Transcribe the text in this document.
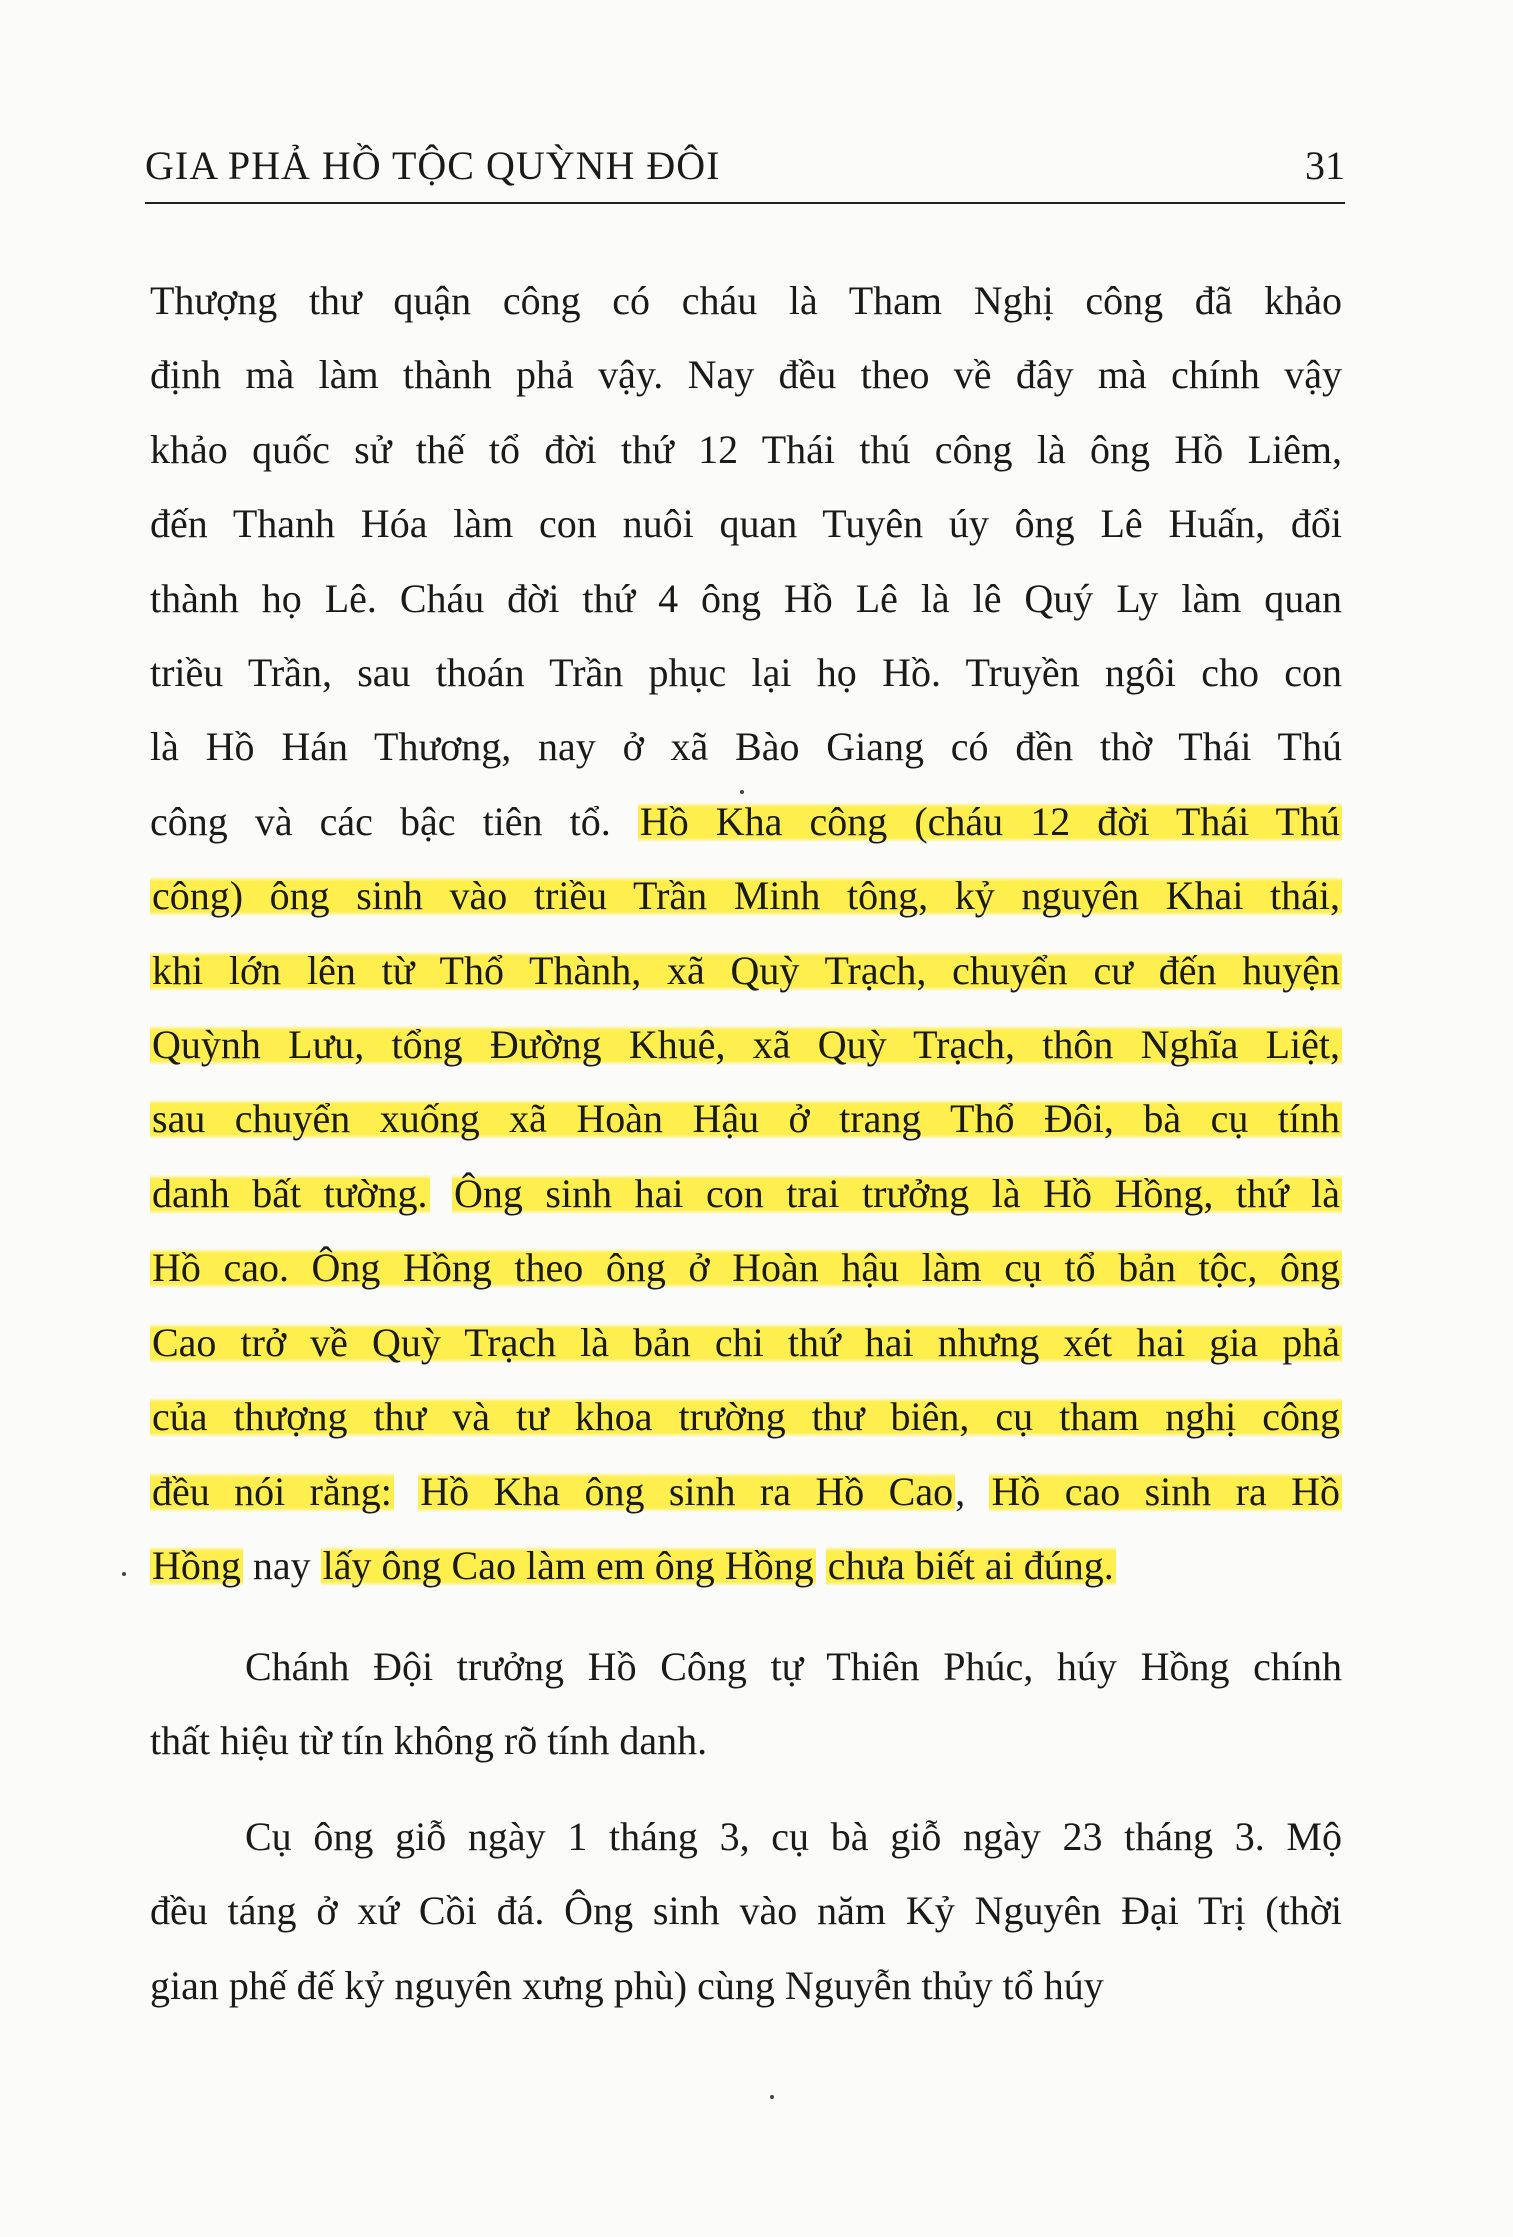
GIA PHẢ HỒ TỘC QUỲNH ĐÔI	31
Thượng thư quận công có cháu là Tham Nghị công đã khảo
định mà làm thành phả vậy. Nay đều theo về đây mà chính vậy
khảo quốc sử thế tổ đời thứ 12 Thái thú công là ông Hồ Liêm,
đến Thanh Hóa làm con nuôi quan Tuyên úy ông Lê Huấn, đổi
thành họ Lê. Cháu đời thứ 4 ông Hồ Lê là lê Quý Ly làm quan
triều Trần, sau thoán Trần phục lại họ Hồ. Truyền ngôi cho con
là Hồ Hán Thương, nay ở xã Bào Giang có đền thờ Thái Thú
công và các bậc tiên tổ. Hồ Kha công (cháu 12 đời Thái Thú
công) ông sinh vào triều Trần Minh tông, kỷ nguyên Khai thái,
khi lớn lên từ Thổ Thành, xã Quỳ Trạch, chuyển cư đến huyện
Quỳnh Lưu, tổng Đường Khuê, xã Quỳ Trạch, thôn Nghĩa Liệt,
sau chuyển xuống xã Hoàn Hậu ở trang Thổ Đôi, bà cụ tính
danh bất tường. Ông sinh hai con trai trưởng là Hồ Hồng, thứ là
Hồ cao. Ông Hồng theo ông ở Hoàn hậu làm cụ tổ bản tộc, ông
Cao trở về Quỳ Trạch là bản chi thứ hai nhưng xét hai gia phả
của thượng thư và tư khoa trường thư biên, cụ tham nghị công
đều nói rằng: Hồ Kha ông sinh ra Hồ Cao, Hồ cao sinh ra Hồ
Hồng nay lấy ông Cao làm em ông Hồng chưa biết ai đúng.
Chánh Đội trưởng Hồ Công tự Thiên Phúc, húy Hồng chính
thất hiệu từ tín không rõ tính danh.
Cụ ông giỗ ngày 1 tháng 3, cụ bà giỗ ngày 23 tháng 3. Mộ
đều táng ở xứ Cồi đá. Ông sinh vào năm Kỷ Nguyên Đại Trị (thời
gian phế đế kỷ nguyên xưng phù) cùng Nguyễn thủy tổ húy
